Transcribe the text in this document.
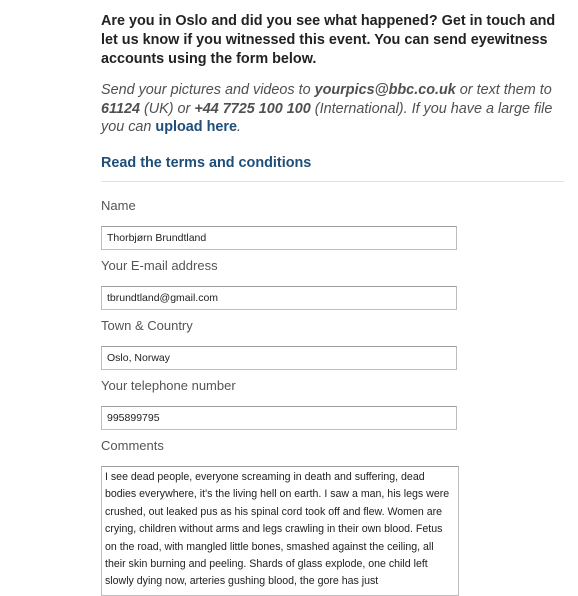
Are you in Oslo and did you see what happened? Get in touch and let us know if you witnessed this event. You can send eyewitness accounts using the form below.

Send your pictures and videos to yourpics@bbc.co.uk or text them to 61124 (UK) or +44 7725 100 100 (International). If you have a large file you can upload here.

Read the terms and conditions
Name
Thorbjørn Brundtland
Your E-mail address
tbrundtland@gmail.com
Town & Country
Oslo, Norway
Your telephone number
995899795
Comments
I see dead people, everyone screaming in death and suffering, dead bodies everywhere, it's the living hell on earth. I saw a man, his legs were crushed, out leaked pus as his spinal cord took off and flew. Women are crying, children without arms and legs crawling in their own blood. Fetus on the road, with mangled little bones, smashed against the ceiling, all their skin burning and peeling. Shards of glass explode, one child left slowly dying now, arteries gushing blood, the gore has just
